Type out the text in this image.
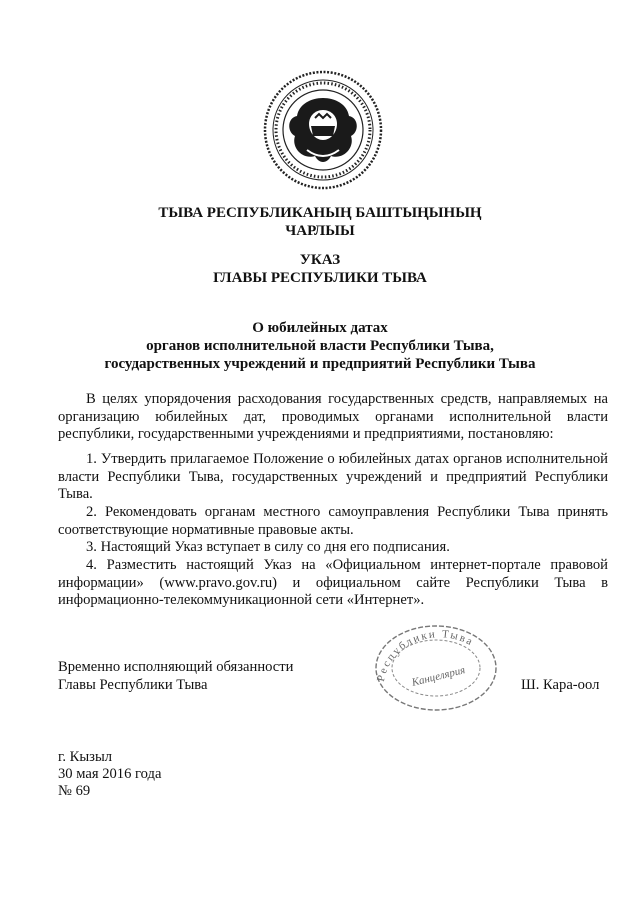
ТЫВА РЕСПУБЛИКАНЫҢ БАШТЫҢЫНЫҢ
ЧАРЛЫЫ
УКАЗ
ГЛАВЫ РЕСПУБЛИКИ ТЫВА
О юбилейных датах
органов исполнительной власти Республики Тыва,
государственных учреждений и предприятий Республики Тыва
В целях упорядочения расходования государственных средств, направляемых на организацию юбилейных дат, проводимых органами исполнительной власти республики, государственными учреждениями и предприятиями, постановляю:
1. Утвердить прилагаемое Положение о юбилейных датах органов исполнительной власти Республики Тыва, государственных учреждений и предприятий Республики Тыва.
2. Рекомендовать органам местного самоуправления Республики Тыва принять соответствующие нормативные правовые акты.
3. Настоящий Указ вступает в силу со дня его подписания.
4. Разместить настоящий Указ на «Официальном интернет-портале правовой информации» (www.pravo.gov.ru) и официальном сайте Республики Тыва в информационно-телекоммуникационной сети «Интернет».
Республики Тыва
Канцелярия
Временно исполняющий обязанности
Главы Республики Тыва	Ш. Кара-оол
г. Кызыл
30 мая 2016 года
№ 69
